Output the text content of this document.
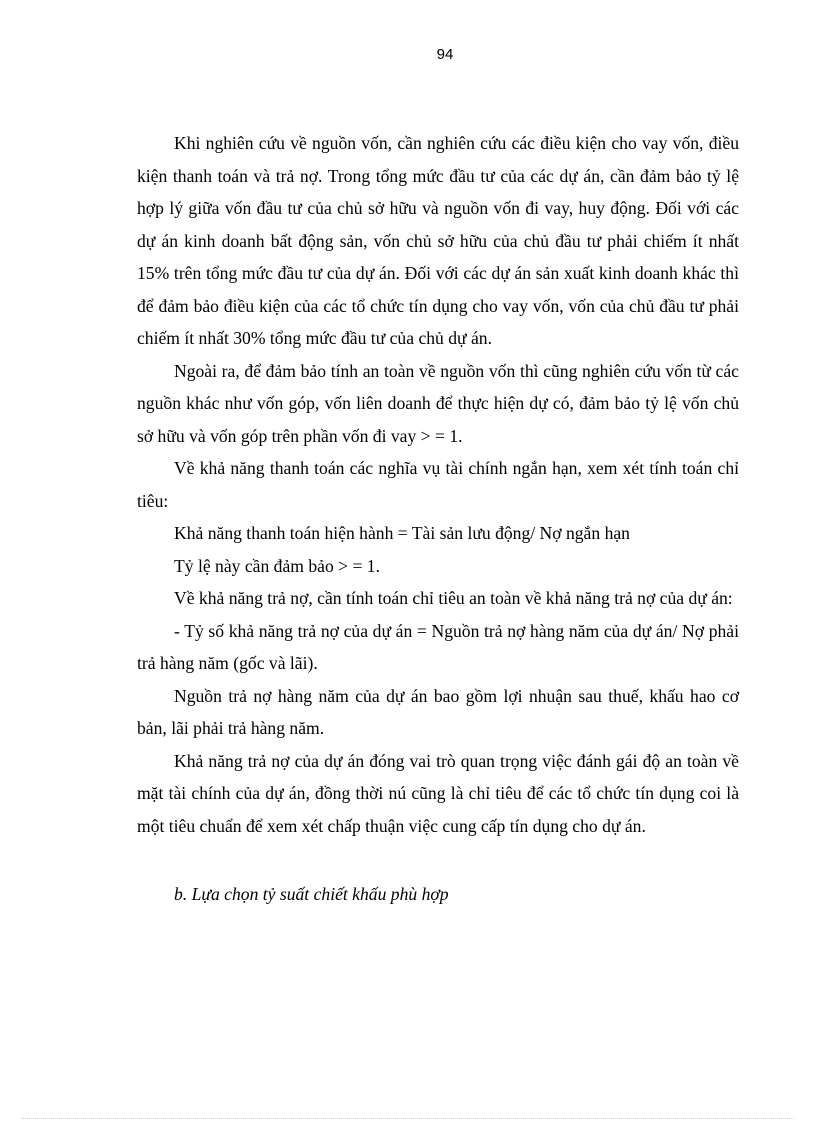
94

Khi nghiên cứu về nguồn vốn, cần nghiên cứu các điều kiện cho vay vốn, điều kiện thanh toán và trả nợ. Trong tổng mức đầu tư của các dự án, cần đảm bảo tỷ lệ hợp lý giữa vốn đầu tư của chủ sở hữu và nguồn vốn đi vay, huy động. Đối với các dự án kinh doanh bất động sản, vốn chủ sở hữu của chủ đầu tư phải chiếm ít nhất 15% trên tổng mức đầu tư của dự án. Đối với các dự án sản xuất kinh doanh khác thì để đảm bảo điều kiện của các tổ chức tín dụng cho vay vốn, vốn của chủ đầu tư phải chiếm ít nhất 30% tổng mức đầu tư của chủ dự án.

Ngoài ra, để đảm bảo tính an toàn về nguồn vốn thì cũng nghiên cứu vốn từ các nguồn khác như vốn góp, vốn liên doanh để thực hiện dự có, đảm bảo tỷ lệ vốn chủ sở hữu và vốn góp trên phần vốn đi vay > = 1.

Về khả năng thanh toán các nghĩa vụ tài chính ngắn hạn, xem xét tính toán chỉ tiêu:

Khả năng thanh toán hiện hành = Tài sản lưu động/ Nợ ngắn hạn

Tỷ lệ này cần đảm bảo > = 1.

Về khả năng trả nợ, cần tính toán chỉ tiêu an toàn về khả năng trả nợ của dự án:

- Tỷ số khả năng trả nợ của dự án = Nguồn trả nợ hàng năm của dự án/ Nợ phải trả hàng năm (gốc và lãi).

Nguồn trả nợ hàng năm của dự án bao gồm lợi nhuận sau thuế, khấu hao cơ bản, lãi phải trả hàng năm.

Khả năng trả nợ của dự án đóng vai trò quan trọng việc đánh gái độ an toàn về mặt tài chính của dự án, đồng thời nú cũng là chỉ tiêu để các tổ chức tín dụng coi là một tiêu chuẩn để xem xét chấp thuận việc cung cấp tín dụng cho dự án.

b. Lựa chọn tỷ suất chiết khấu phù hợp
